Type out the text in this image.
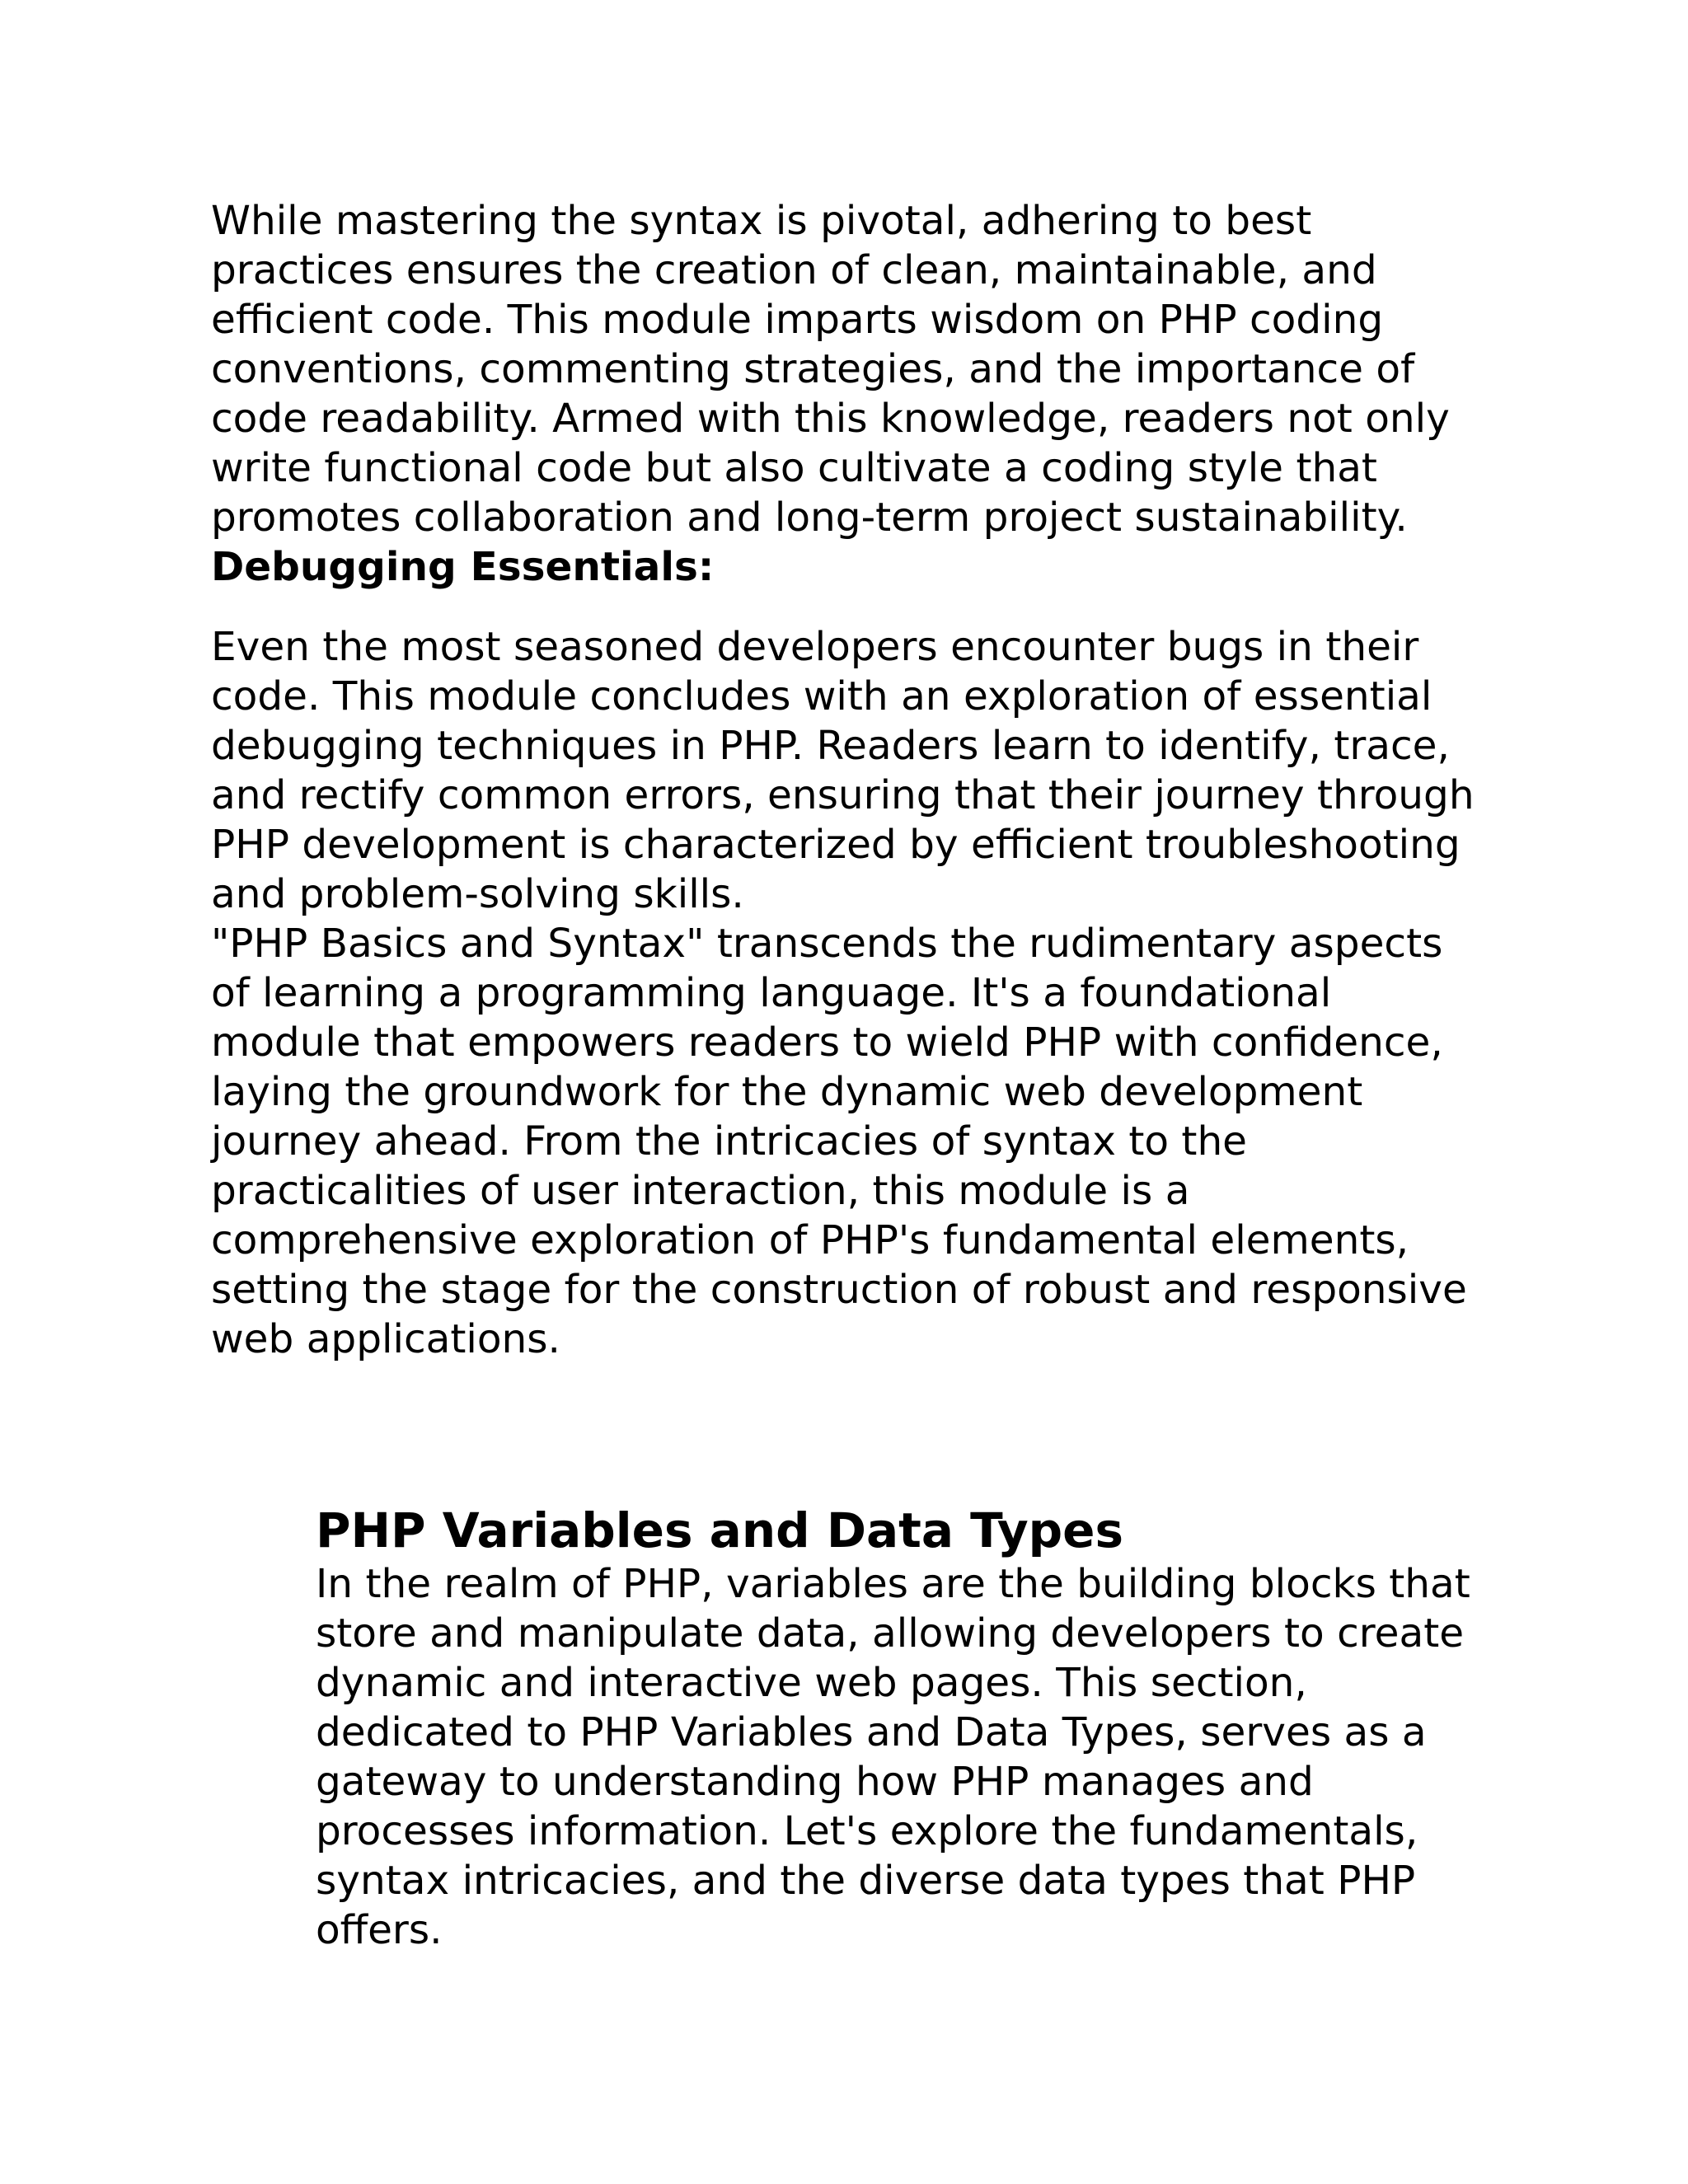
While mastering the syntax is pivotal, adhering to best practices ensures the creation of clean, maintainable, and efficient code. This module imparts wisdom on PHP coding conventions, commenting strategies, and the importance of code readability. Armed with this knowledge, readers not only write functional code but also cultivate a coding style that promotes collaboration and long-term project sustainability.

Debugging Essentials:

Even the most seasoned developers encounter bugs in their code. This module concludes with an exploration of essential debugging techniques in PHP. Readers learn to identify, trace, and rectify common errors, ensuring that their journey through PHP development is characterized by efficient troubleshooting and problem-solving skills.

"PHP Basics and Syntax" transcends the rudimentary aspects of learning a programming language. It's a foundational module that empowers readers to wield PHP with confidence, laying the groundwork for the dynamic web development journey ahead. From the intricacies of syntax to the practicalities of user interaction, this module is a comprehensive exploration of PHP's fundamental elements, setting the stage for the construction of robust and responsive web applications.

PHP Variables and Data Types

In the realm of PHP, variables are the building blocks that store and manipulate data, allowing developers to create dynamic and interactive web pages. This section, dedicated to PHP Variables and Data Types, serves as a gateway to understanding how PHP manages and processes information. Let's explore the fundamentals, syntax intricacies, and the diverse data types that PHP offers.
